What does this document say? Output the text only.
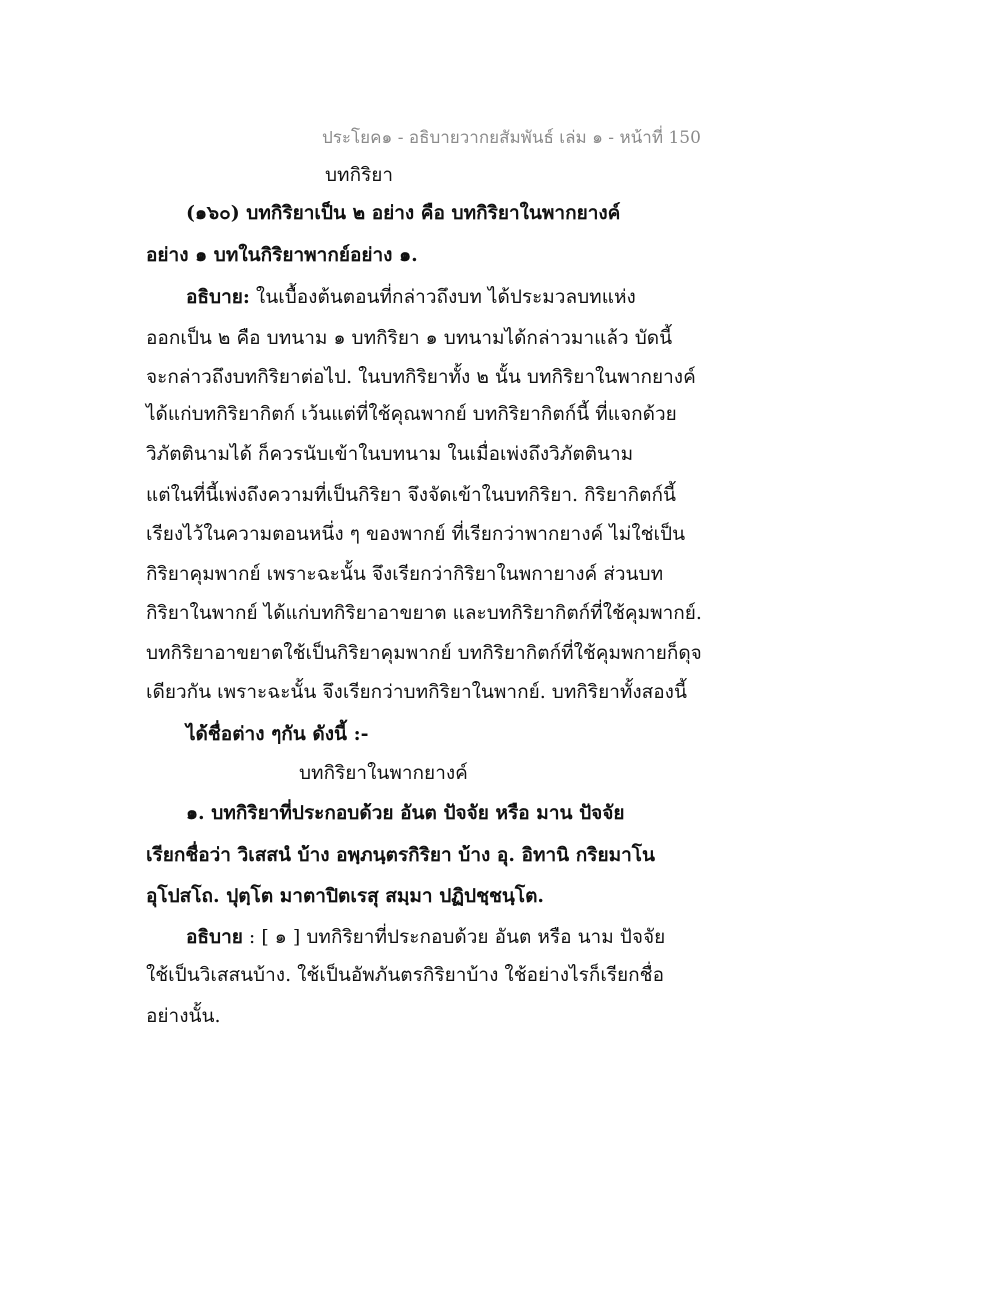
ประโยค๑ - อธิบายวากยสัมพันธ์ เล่ม ๑ - หน้าที่ 150
บทกิริยา
(๑๖๐) บทกิริยาเป็น ๒ อย่าง คือ บทกิริยาในพากยางค์
อย่าง ๑ บทในกิริยาพากย์อย่าง ๑.
อธิบาย: ในเบื้องต้นตอนที่กล่าวถึงบท ได้ประมวลบทแห่ง
ออกเป็น ๒ คือ บทนาม ๑ บทกิริยา ๑ บทนามได้กล่าวมาแล้ว บัดนี้
จะกล่าวถึงบทกิริยาต่อไป. ในบทกิริยาทั้ง ๒ นั้น บทกิริยาในพากยางค์
ได้แก่บทกิริยากิตก์ เว้นแต่ที่ใช้คุณพากย์ บทกิริยากิตก์นี้ ที่แจกด้วย
วิภัตตินามได้ ก็ควรนับเข้าในบทนาม ในเมื่อเพ่งถึงวิภัตตินาม
แต่ในที่นี้เพ่งถึงความที่เป็นกิริยา จึงจัดเข้าในบทกิริยา. กิริยากิตก์นี้
เรียงไว้ในความตอนหนึ่ง ๆ ของพากย์ ที่เรียกว่าพากยางค์ ไม่ใช่เป็น
กิริยาคุมพากย์ เพราะฉะนั้น จึงเรียกว่ากิริยาในพกายางค์ ส่วนบท
กิริยาในพากย์ ได้แก่บทกิริยาอาขยาต และบทกิริยากิตก์ที่ใช้คุมพากย์.
บทกิริยาอาขยาตใช้เป็นกิริยาคุมพากย์ บทกิริยากิตก์ที่ใช้คุมพกายก็ดุจ
เดียวกัน เพราะฉะนั้น จึงเรียกว่าบทกิริยาในพากย์. บทกิริยาทั้งสองนี้
ได้ชื่อต่าง ๆกัน ดังนี้ :-
บทกิริยาในพากยางค์
๑. บทกิริยาที่ประกอบด้วย อันต ปัจจัย หรือ มาน ปัจจัย
เรียกชื่อว่า วิเสสนํ บ้าง อพฺภนฺตรกิริยา บ้าง อุ. อิทานิ กริยมาโน
อุโปสโถ. ปุตฺโต มาตาปิตเรสุ สมฺมา ปฏิปชฺชนฺโต.
อธิบาย : [ ๑ ] บทกิริยาที่ประกอบด้วย อันต หรือ นาม ปัจจัย
ใช้เป็นวิเสสนบ้าง. ใช้เป็นอัพภันตรกิริยาบ้าง ใช้อย่างไรก็เรียกชื่อ
อย่างนั้น.
